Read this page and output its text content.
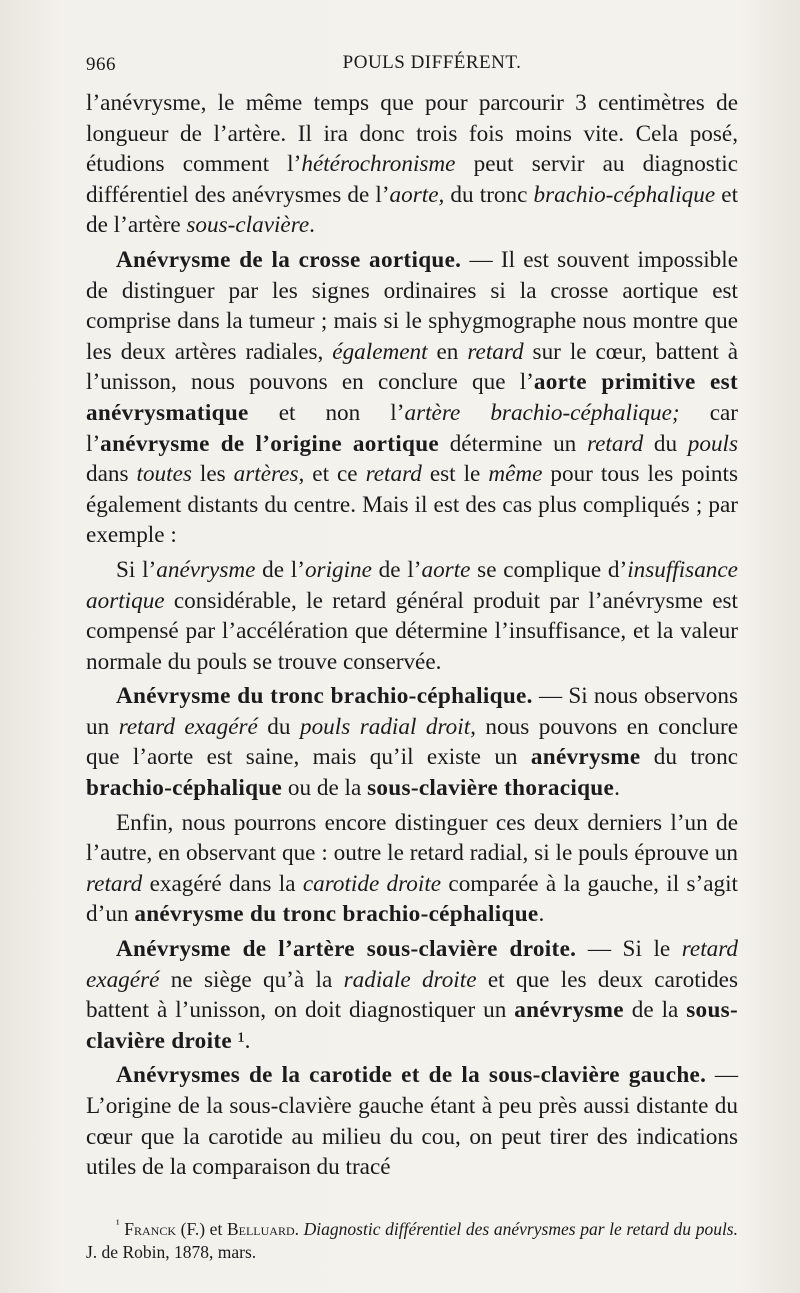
966	POULS DIFFÉRENT.

l’anévrysme, le même temps que pour parcourir 3 centimètres de longueur de l’artère. Il ira donc trois fois moins vite. Cela posé, étudions comment l’hétérochronisme peut servir au diagnostic différentiel des anévrysmes de l’aorte, du tronc brachio-céphalique et de l’artère sous-clavière.

Anévrysme de la crosse aortique. — Il est souvent impossible de distinguer par les signes ordinaires si la crosse aortique est comprise dans la tumeur ; mais si le sphygmographe nous montre que les deux artères radiales, également en retard sur le cœur, battent à l’unisson, nous pouvons en conclure que l’aorte primitive est anévrysmatique et non l’artère brachio-céphalique; car l’anévrysme de l’origine aortique détermine un retard du pouls dans toutes les artères, et ce retard est le même pour tous les points également distants du centre. Mais il est des cas plus compliqués ; par exemple :

Si l’anévrysme de l’origine de l’aorte se complique d’insuffisance aortique considérable, le retard général produit par l’anévrysme est compensé par l’accélération que détermine l’insuffisance, et la valeur normale du pouls se trouve conservée.

Anévrysme du tronc brachio-céphalique. — Si nous observons un retard exagéré du pouls radial droit, nous pouvons en conclure que l’aorte est saine, mais qu’il existe un anévrysme du tronc brachio-céphalique ou de la sous-clavière thoracique.

Enfin, nous pourrons encore distinguer ces deux derniers l’un de l’autre, en observant que : outre le retard radial, si le pouls éprouve un retard exagéré dans la carotide droite comparée à la gauche, il s’agit d’un anévrysme du tronc brachio-céphalique.

Anévrysme de l’artère sous-clavière droite. — Si le retard exagéré ne siège qu’à la radiale droite et que les deux carotides battent à l’unisson, on doit diagnostiquer un anévrysme de la sous-clavière droite ¹.

Anévrysmes de la carotide et de la sous-clavière gauche. — L’origine de la sous-clavière gauche étant à peu près aussi distante du cœur que la carotide au milieu du cou, on peut tirer des indications utiles de la comparaison du tracé

$^{^1}$ Franck (F.) et Belluard. Diagnostic différentiel des anévrysmes par le retard du pouls. J. de Robin, 1878, mars.
